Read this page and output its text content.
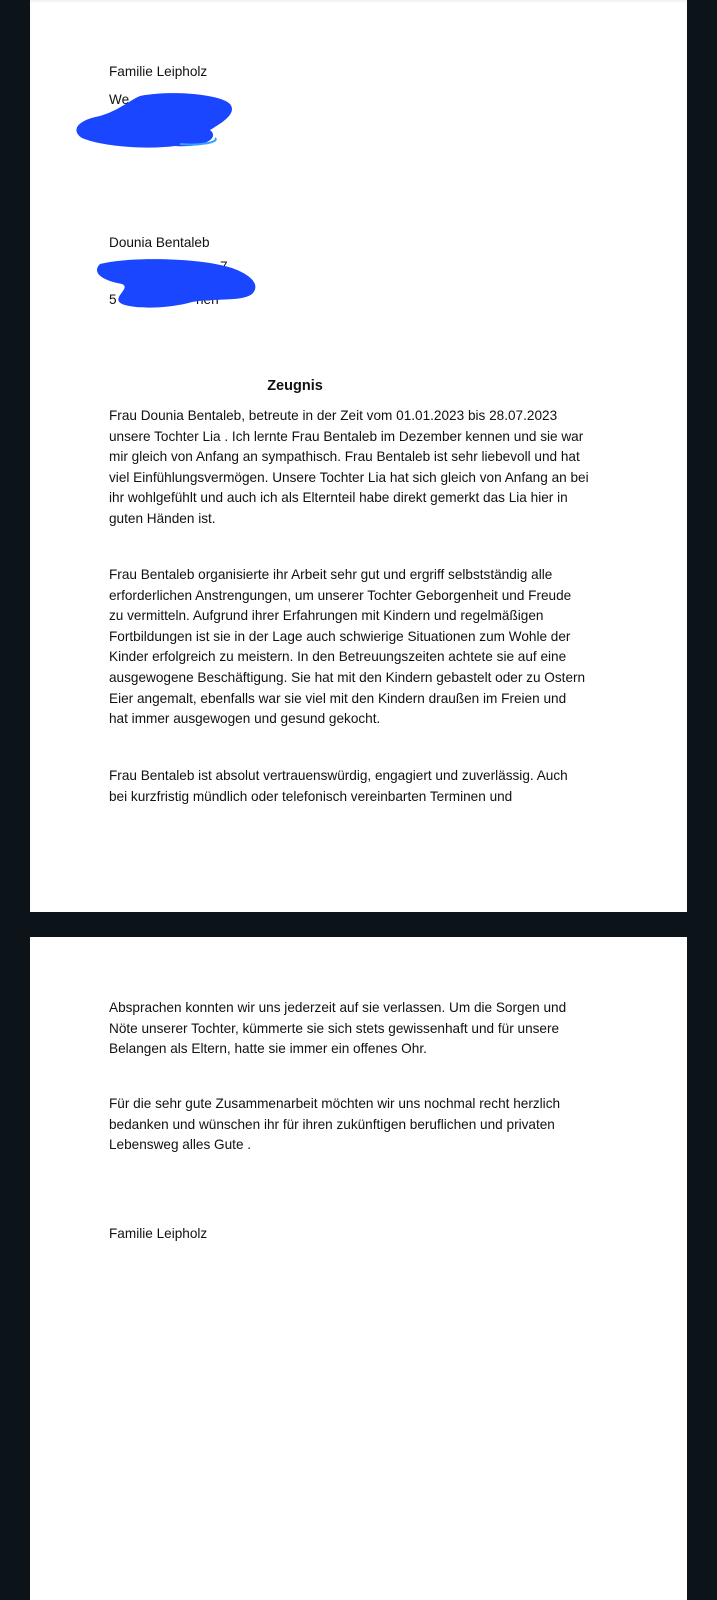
Familie Leipholz
We
Dounia Bentaleb
5
Zeugnis
Frau Dounia Bentaleb, betreute in der Zeit vom 01.01.2023 bis 28.07.2023
unsere Tochter Lia . Ich lernte Frau Bentaleb im Dezember kennen und sie war
mir gleich von Anfang an sympathisch. Frau Bentaleb ist sehr liebevoll und hat
viel Einfühlungsvermögen. Unsere Tochter Lia hat sich gleich von Anfang an bei
ihr wohlgefühlt und auch ich als Elternteil habe direkt gemerkt das Lia hier in
guten Händen ist.
Frau Bentaleb organisierte ihr Arbeit sehr gut und ergriff selbstständig alle
erforderlichen Anstrengungen, um unserer Tochter Geborgenheit und Freude
zu vermitteln. Aufgrund ihrer Erfahrungen mit Kindern und regelmäßigen
Fortbildungen ist sie in der Lage auch schwierige Situationen zum Wohle der
Kinder erfolgreich zu meistern. In den Betreuungszeiten achtete sie auf eine
ausgewogene Beschäftigung. Sie hat mit den Kindern gebastelt oder zu Ostern
Eier angemalt, ebenfalls war sie viel mit den Kindern draußen im Freien und
hat immer ausgewogen und gesund gekocht.
Frau Bentaleb ist absolut vertrauenswürdig, engagiert und zuverlässig. Auch
bei kurzfristig mündlich oder telefonisch vereinbarten Terminen und
Absprachen konnten wir uns jederzeit auf sie verlassen. Um die Sorgen und
Nöte unserer Tochter, kümmerte sie sich stets gewissenhaft und für unsere
Belangen als Eltern, hatte sie immer ein offenes Ohr.
Für die sehr gute Zusammenarbeit möchten wir uns nochmal recht herzlich
bedanken und wünschen ihr für ihren zukünftigen beruflichen und privaten
Lebensweg alles Gute .
Familie Leipholz
